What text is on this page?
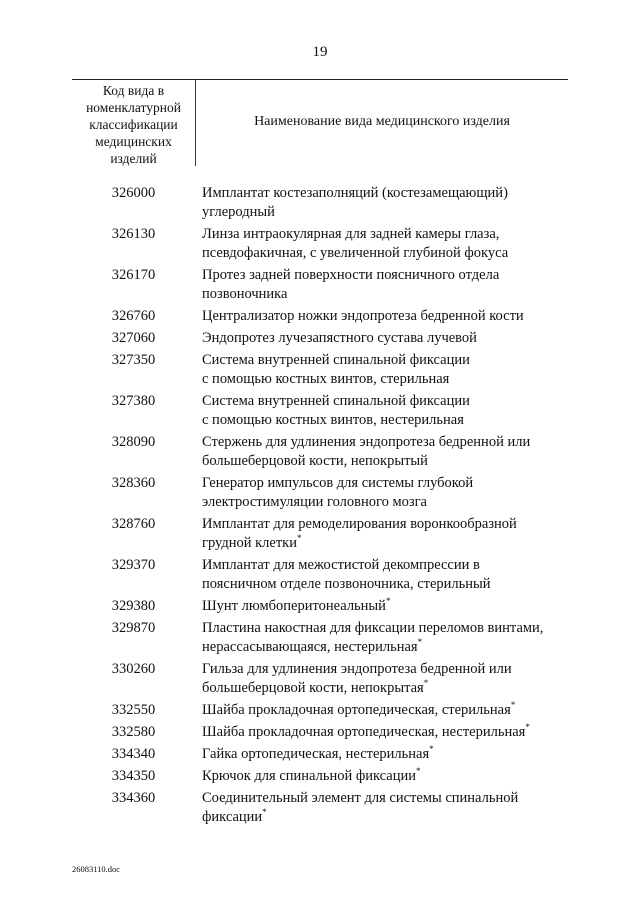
19
Код вида в
номенклатурной
классификации
медицинских
изделий
Наименование вида медицинского изделия
326000	Имплантат костезаполняций (костезамещающий)
углеродный
326130	Линза интраокулярная для задней камеры глаза,
псевдофакичная, с увеличенной глубиной фокуса
326170	Протез задней поверхности поясничного отдела
позвоночника
326760	Централизатор ножки эндопротеза бедренной кости
327060	Эндопротез лучезапястного сустава лучевой
327350	Система внутренней спинальной фиксации
с помощью костных винтов, стерильная
327380	Система внутренней спинальной фиксации
с помощью костных винтов, нестерильная
328090	Стержень для удлинения эндопротеза бедренной или
большеберцовой кости, непокрытый
328360	Генератор импульсов для системы глубокой
электростимуляции головного мозга
328760	Имплантат для ремоделирования воронкообразной
грудной клетки*
329370	Имплантат для межостистой декомпрессии в
поясничном отделе позвоночника, стерильный
329380	Шунт люмбоперитонеальный*
329870	Пластина накостная для фиксации переломов винтами,
нерассасывающаяся, нестерильная*
330260	Гильза для удлинения эндопротеза бедренной или
большеберцовой кости, непокрытая*
332550	Шайба прокладочная ортопедическая, стерильная*
332580	Шайба прокладочная ортопедическая, нестерильная*
334340	Гайка ортопедическая, нестерильная*
334350	Крючок для спинальной фиксации*
334360	Соединительный элемент для системы спинальной
фиксации*
26083110.doc
